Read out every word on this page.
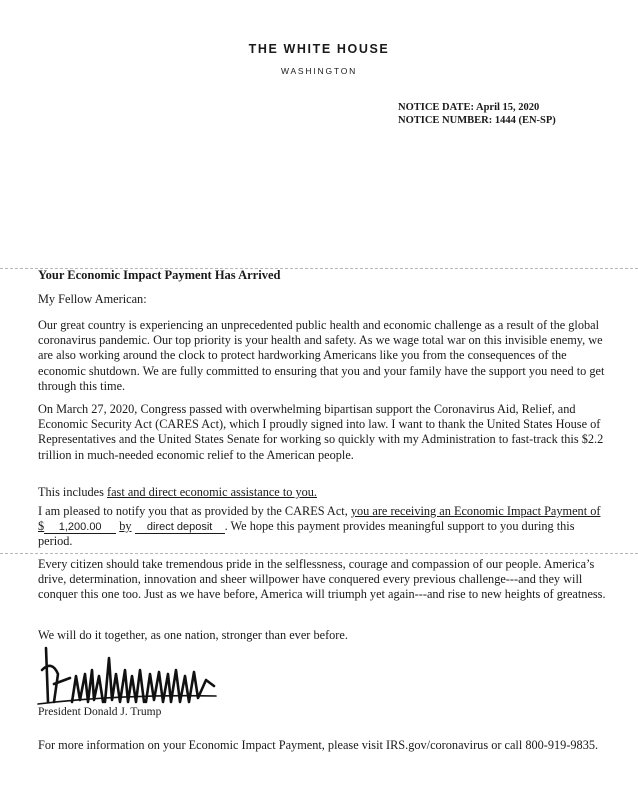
THE WHITE HOUSE
WASHINGTON
NOTICE DATE: April 15, 2020
NOTICE NUMBER: 1444 (EN-SP)
Your Economic Impact Payment Has Arrived

My Fellow American:

Our great country is experiencing an unprecedented public health and economic challenge as a result of the global coronavirus pandemic. Our top priority is your health and safety. As we wage total war on this invisible enemy, we are also working around the clock to protect hardworking Americans like you from the consequences of the economic shutdown. We are fully committed to ensuring that you and your family have the support you need to get through this time.

On March 27, 2020, Congress passed with overwhelming bipartisan support the Coronavirus Aid, Relief, and Economic Security Act (CARES Act), which I proudly signed into law. I want to thank the United States House of Representatives and the United States Senate for working so quickly with my Administration to fast-track this $2.2 trillion in much-needed economic relief to the American people.

This includes fast and direct economic assistance to you.

I am pleased to notify you that as provided by the CARES Act, you are receiving an Economic Impact Payment of $ 1,200.00 by direct deposit . We hope this payment provides meaningful support to you during this period.

Every citizen should take tremendous pride in the selflessness, courage and compassion of our people. America’s drive, determination, innovation and sheer willpower have conquered every previous challenge---and they will conquer this one too. Just as we have before, America will triumph yet again---and rise to new heights of greatness.

We will do it together, as one nation, stronger than ever before.

President Donald J. Trump

For more information on your Economic Impact Payment, please visit IRS.gov/coronavirus or call 800-919-9835.
